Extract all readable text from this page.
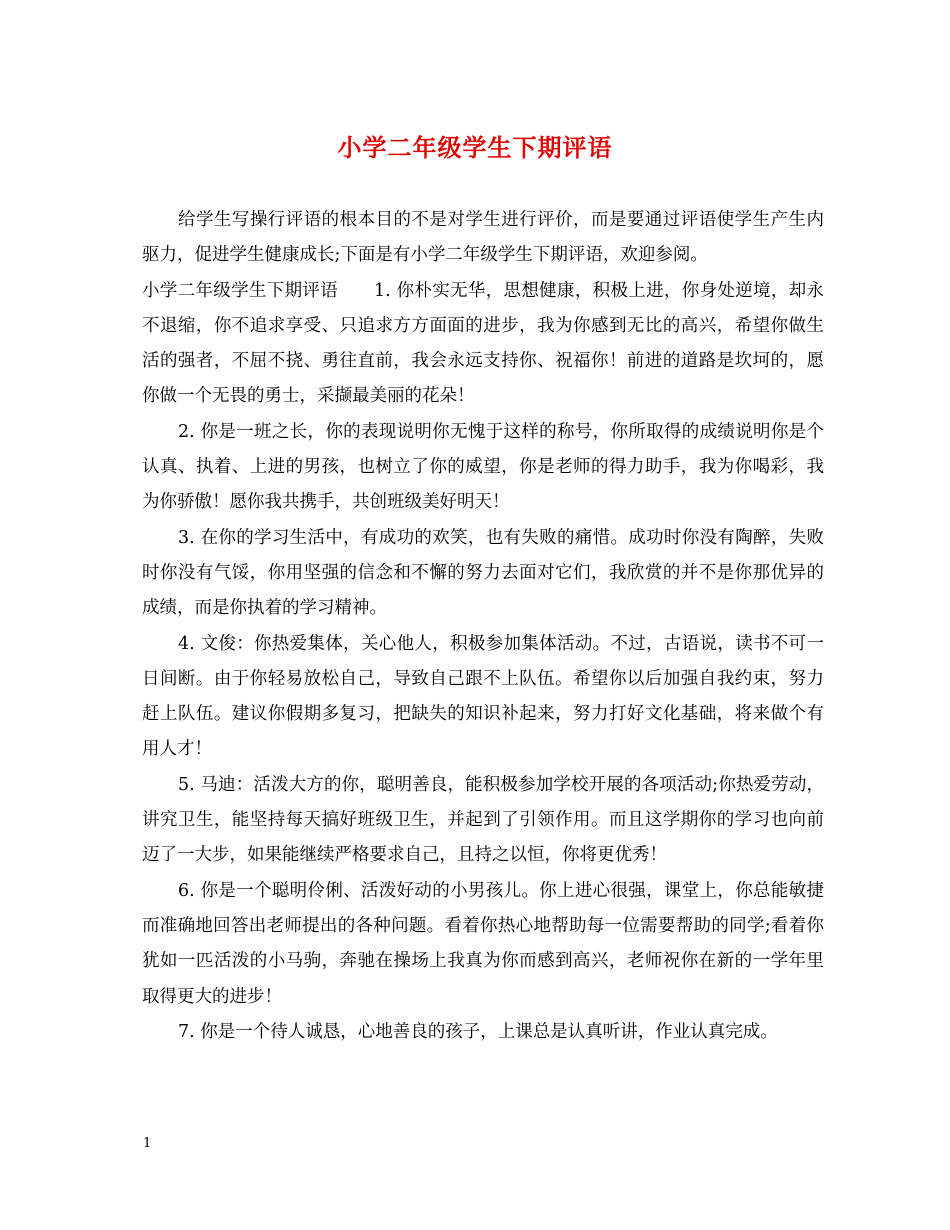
小学二年级学生下期评语

给学生写操行评语的根本目的不是对学生进行评价，而是要通过评语使学生产生内驱力，促进学生健康成长;下面是有小学二年级学生下期评语，欢迎参阅。

小学二年级学生下期评语 1. 你朴实无华，思想健康，积极上进，你身处逆境，却永不退缩，你不追求享受、只追求方方面面的进步，我为你感到无比的高兴，希望你做生活的强者，不屈不挠、勇往直前，我会永远支持你、祝福你！前进的道路是坎坷的，愿你做一个无畏的勇士，采撷最美丽的花朵！

2. 你是一班之长，你的表现说明你无愧于这样的称号，你所取得的成绩说明你是个认真、执着、上进的男孩，也树立了你的威望，你是老师的得力助手，我为你喝彩，我为你骄傲！愿你我共携手，共创班级美好明天！

3. 在你的学习生活中，有成功的欢笑，也有失败的痛惜。成功时你没有陶醉，失败时你没有气馁，你用坚强的信念和不懈的努力去面对它们，我欣赏的并不是你那优异的成绩，而是你执着的学习精神。

4. 文俊：你热爱集体，关心他人，积极参加集体活动。不过，古语说，读书不可一日间断。由于你轻易放松自己，导致自己跟不上队伍。希望你以后加强自我约束，努力赶上队伍。建议你假期多复习，把缺失的知识补起来，努力打好文化基础，将来做个有用人才！

5. 马迪：活泼大方的你，聪明善良，能积极参加学校开展的各项活动;你热爱劳动，讲究卫生，能坚持每天搞好班级卫生，并起到了引领作用。而且这学期你的学习也向前迈了一大步，如果能继续严格要求自己，且持之以恒，你将更优秀！

6. 你是一个聪明伶俐、活泼好动的小男孩儿。你上进心很强，课堂上，你总能敏捷而准确地回答出老师提出的各种问题。看着你热心地帮助每一位需要帮助的同学;看着你犹如一匹活泼的小马驹，奔驰在操场上我真为你而感到高兴，老师祝你在新的一学年里取得更大的进步！

7. 你是一个待人诚恳，心地善良的孩子，上课总是认真听讲，作业认真完成。

1
